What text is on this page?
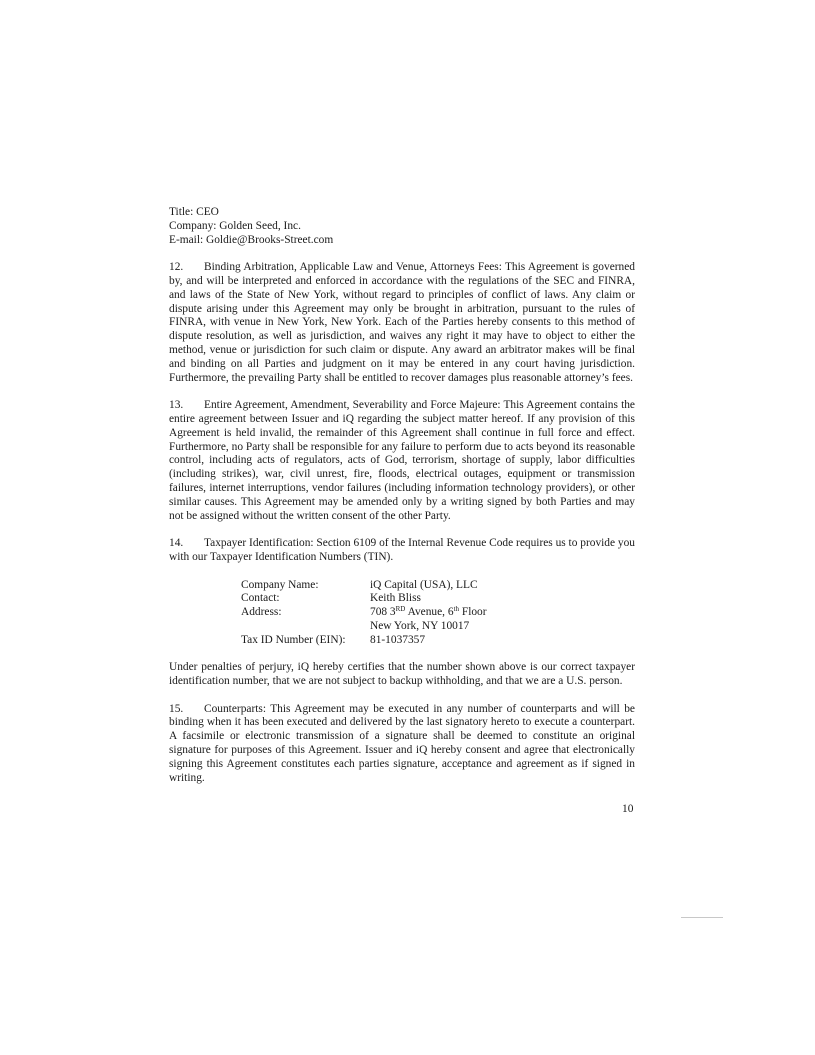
Title: CEO

Company: Golden Seed, Inc.

E-mail: Goldie@Brooks-Street.com

12. Binding Arbitration, Applicable Law and Venue, Attorneys Fees: This Agreement is governed by, and will be interpreted and enforced in accordance with the regulations of the SEC and FINRA, and laws of the State of New York, without regard to principles of conflict of laws. Any claim or dispute arising under this Agreement may only be brought in arbitration, pursuant to the rules of FINRA, with venue in New York, New York. Each of the Parties hereby consents to this method of dispute resolution, as well as jurisdiction, and waives any right it may have to object to either the method, venue or jurisdiction for such claim or dispute. Any award an arbitrator makes will be final and binding on all Parties and judgment on it may be entered in any court having jurisdiction. Furthermore, the prevailing Party shall be entitled to recover damages plus reasonable attorney’s fees.

13. Entire Agreement, Amendment, Severability and Force Majeure: This Agreement contains the entire agreement between Issuer and iQ regarding the subject matter hereof. If any provision of this Agreement is held invalid, the remainder of this Agreement shall continue in full force and effect. Furthermore, no Party shall be responsible for any failure to perform due to acts beyond its reasonable control, including acts of regulators, acts of God, terrorism, shortage of supply, labor difficulties (including strikes), war, civil unrest, fire, floods, electrical outages, equipment or transmission failures, internet interruptions, vendor failures (including information technology providers), or other similar causes. This Agreement may be amended only by a writing signed by both Parties and may not be assigned without the written consent of the other Party.

14. Taxpayer Identification: Section 6109 of the Internal Revenue Code requires us to provide you with our Taxpayer Identification Numbers (TIN).

Company Name:	iQ Capital (USA), LLC
Contact:	Keith Bliss
Address:	708 3RD Avenue, 6th Floor
	New York, NY 10017
Tax ID Number (EIN):	81-1037357

Under penalties of perjury, iQ hereby certifies that the number shown above is our correct taxpayer identification number, that we are not subject to backup withholding, and that we are a U.S. person.

15. Counterparts: This Agreement may be executed in any number of counterparts and will be binding when it has been executed and delivered by the last signatory hereto to execute a counterpart. A facsimile or electronic transmission of a signature shall be deemed to constitute an original signature for purposes of this Agreement. Issuer and iQ hereby consent and agree that electronically signing this Agreement constitutes each parties signature, acceptance and agreement as if signed in writing.

10
